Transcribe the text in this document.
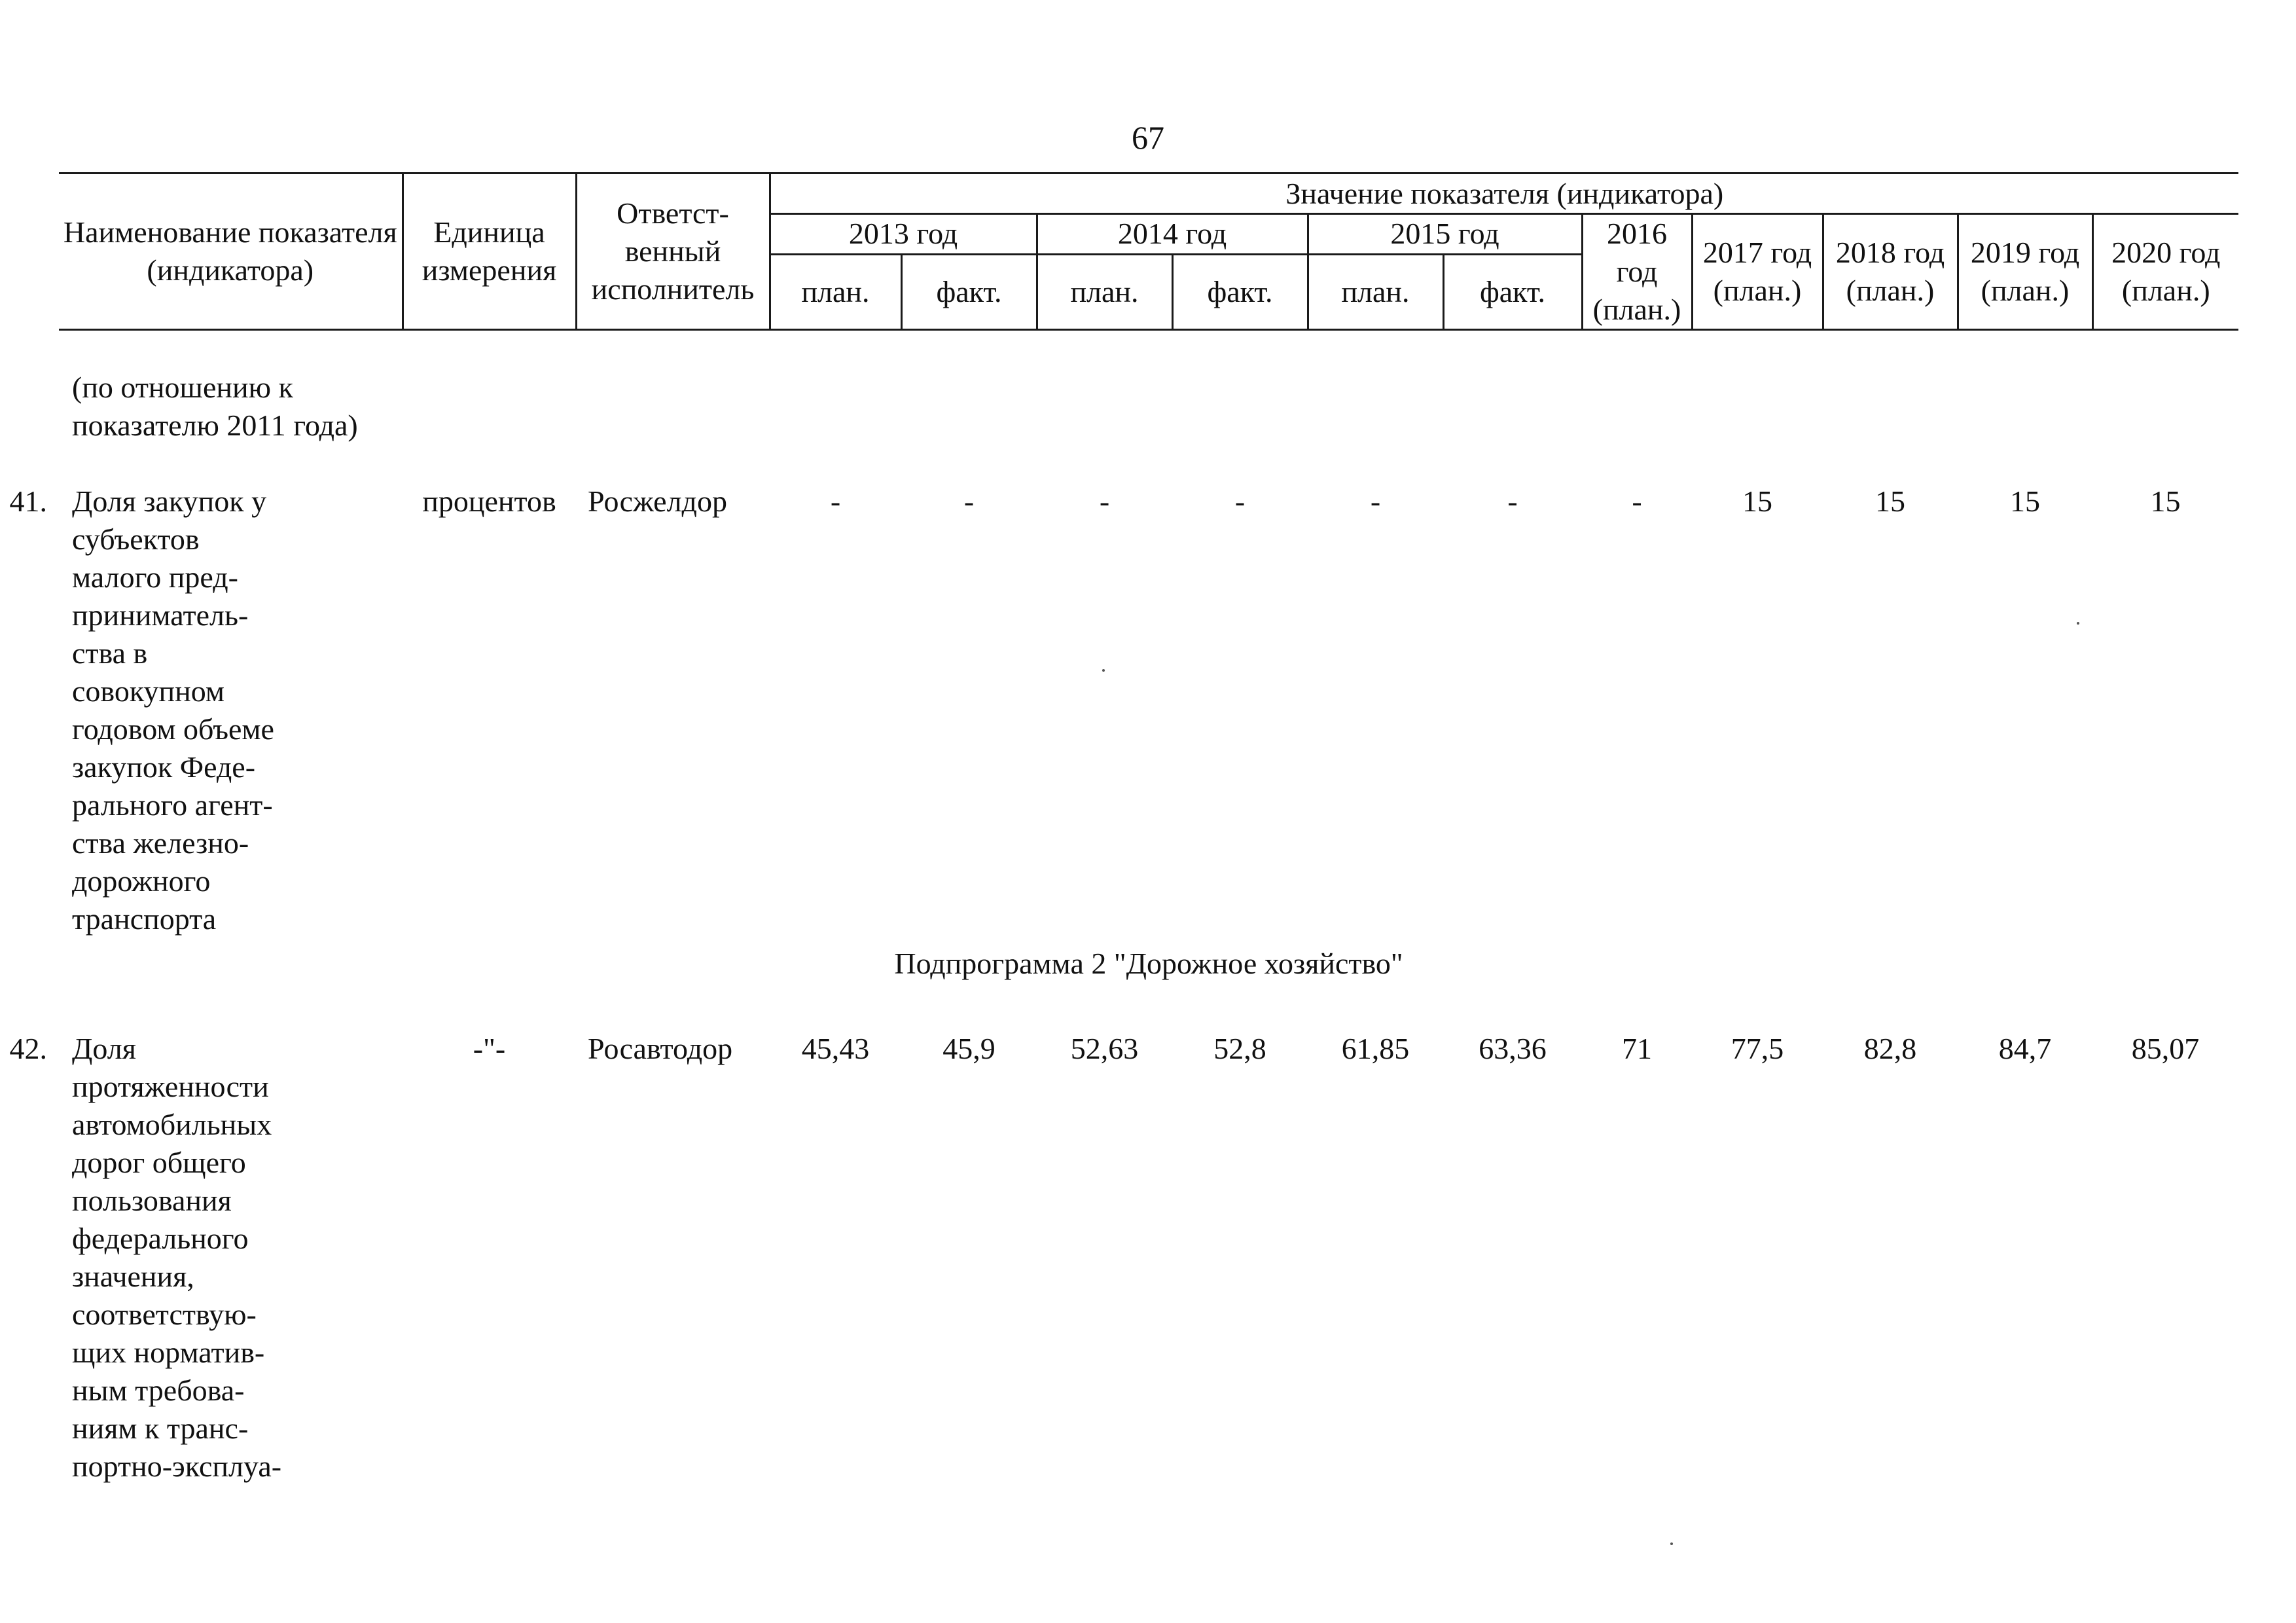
67
Наименование показателя (индикатора)	Единица измерения	Ответст-венный исполнитель	Значение показателя (индикатора)										
			2013 год		2014 год		2015 год		2016 год (план.)	2017 год (план.)	2018 год (план.)	2019 год (план.)	2020 год (план.)
			план.	факт.	план.	факт.	план.	факт.					

(по отношению к показателю 2011 года)													

41. Доля закупок у субъектов малого пред-приниматель-ства в совокупном годовом объеме закупок Феде-рального агент-ства железно-дорожного транспорта	процентов	Росжелдор	-	-	-	-	-	-	-	15	15	15	15
Подпрограмма 2 "Дорожное хозяйство"													

42. Доля протяженности автомобильных дорог общего пользования федерального значения, соответствую-щих норматив-ным требова-ниям к транс-портно-эксплуа-	-"-	Росавтодор	45,43	45,9	52,63	52,8	61,85	63,36	71	77,5	82,8	84,7	85,07
